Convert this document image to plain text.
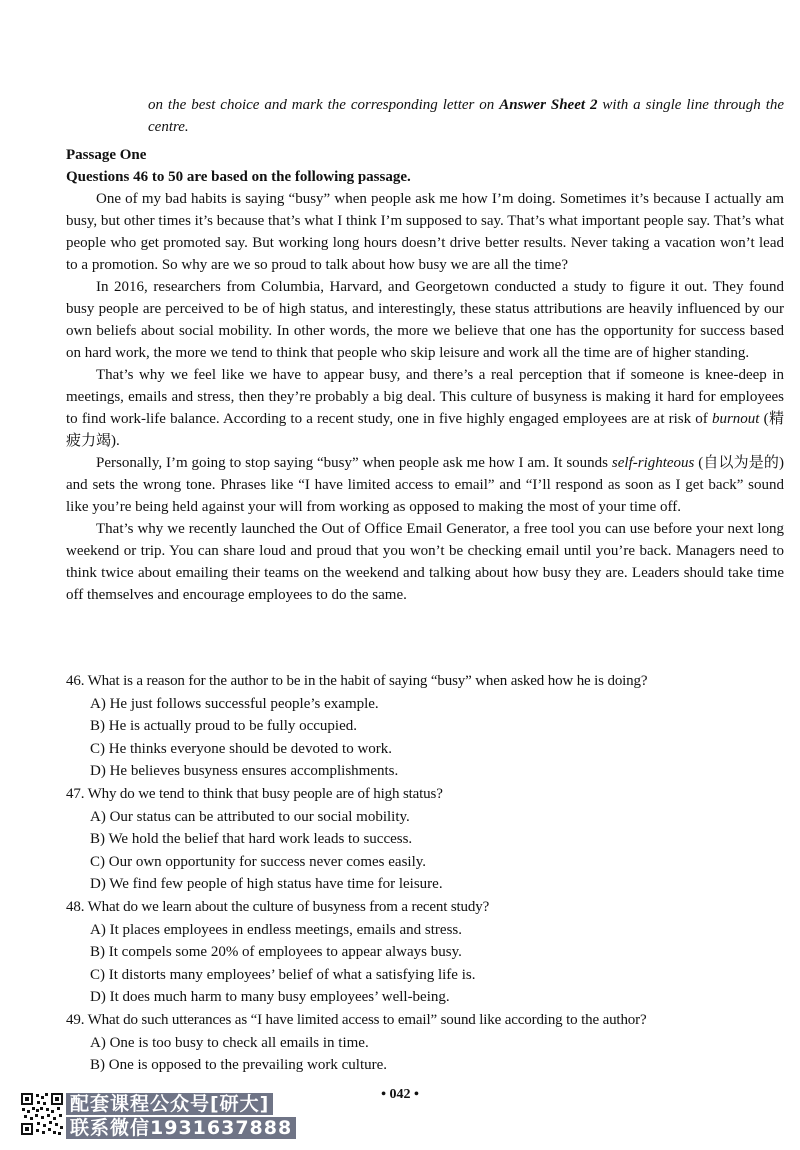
on the best choice and mark the corresponding letter on Answer Sheet 2 with a single line through the centre.
Passage One
Questions 46 to 50 are based on the following passage.

One of my bad habits is saying “busy” when people ask me how I’m doing. Sometimes it’s because I actually am busy, but other times it’s because that’s what I think I’m supposed to say. That’s what important people say. That’s what people who get promoted say. But working long hours doesn’t drive better results. Never taking a vacation won’t lead to a promotion. So why are we so proud to talk about how busy we are all the time?

In 2016, researchers from Columbia, Harvard, and Georgetown conducted a study to figure it out. They found busy people are perceived to be of high status, and interestingly, these status attributions are heavily influenced by our own beliefs about social mobility. In other words, the more we believe that one has the opportunity for success based on hard work, the more we tend to think that people who skip leisure and work all the time are of higher standing.

That’s why we feel like we have to appear busy, and there’s a real perception that if someone is knee-deep in meetings, emails and stress, then they’re probably a big deal. This culture of busyness is making it hard for employees to find work-life balance. According to a recent study, one in five highly engaged employees are at risk of burnout (精疲力竭).

Personally, I’m going to stop saying “busy” when people ask me how I am. It sounds self-righteous (自以为是的) and sets the wrong tone. Phrases like “I have limited access to email” and “I’ll respond as soon as I get back” sound like you’re being held against your will from working as opposed to making the most of your time off.

That’s why we recently launched the Out of Office Email Generator, a free tool you can use before your next long weekend or trip. You can share loud and proud that you won’t be checking email until you’re back. Managers need to think twice about emailing their teams on the weekend and talking about how busy they are. Leaders should take time off themselves and encourage employees to do the same.

46. What is a reason for the author to be in the habit of saying “busy” when asked how he is doing?
A) He just follows successful people’s example.
B) He is actually proud to be fully occupied.
C) He thinks everyone should be devoted to work.
D) He believes busyness ensures accomplishments.
47. Why do we tend to think that busy people are of high status?
A) Our status can be attributed to our social mobility.
B) We hold the belief that hard work leads to success.
C) Our own opportunity for success never comes easily.
D) We find few people of high status have time for leisure.
48. What do we learn about the culture of busyness from a recent study?
A) It places employees in endless meetings, emails and stress.
B) It compels some 20% of employees to appear always busy.
C) It distorts many employees’ belief of what a satisfying life is.
D) It does much harm to many busy employees’ well-being.
49. What do such utterances as “I have limited access to email” sound like according to the author?
A) One is too busy to check all emails in time.
B) One is opposed to the prevailing work culture.
• 042 •
配套课程公众号[研大]
联系微信1931637888
